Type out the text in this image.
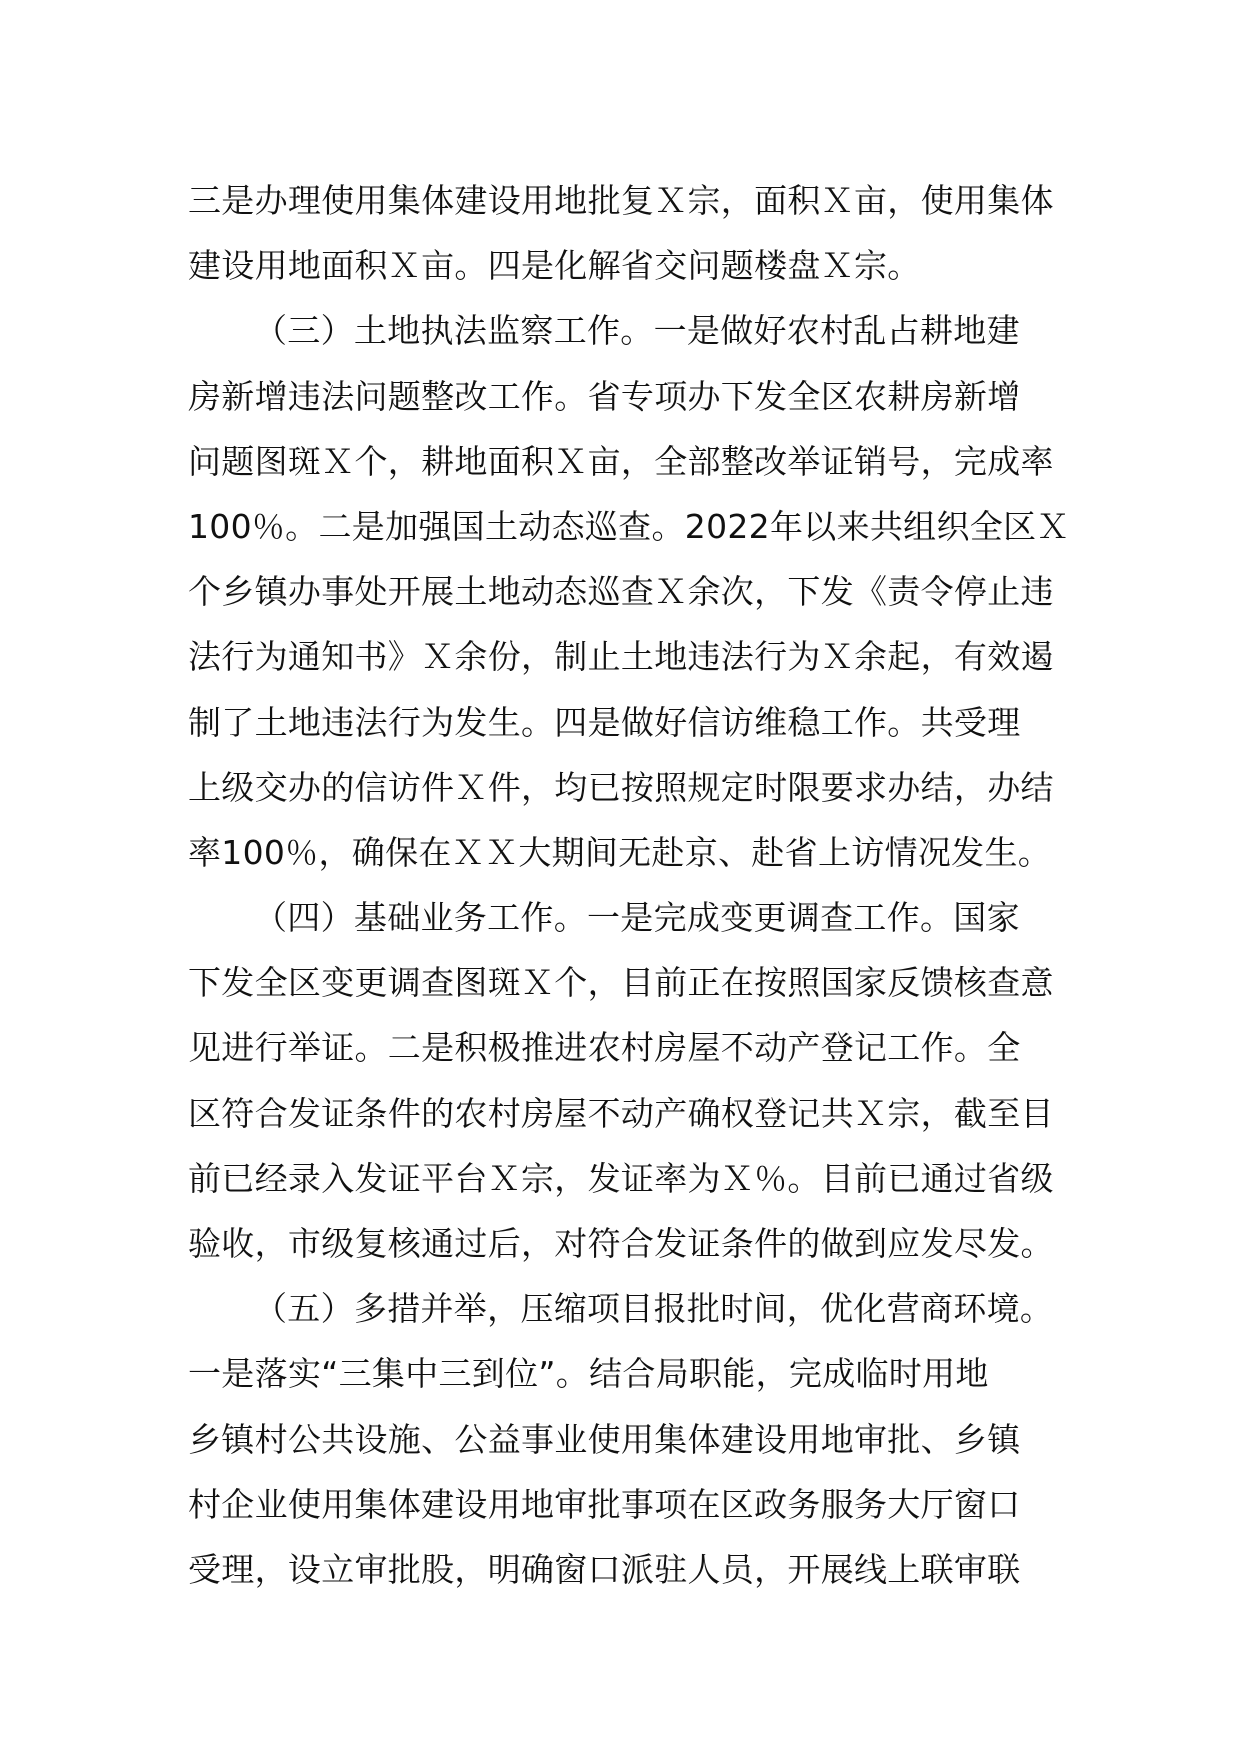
三是办理使用集体建设用地批复Ｘ宗，面积Ｘ亩，使用集体
建设用地面积Ｘ亩。四是化解省交问题楼盘Ｘ宗。
（三）土地执法监察工作。一是做好农村乱占耕地建
房新增违法问题整改工作。省专项办下发全区农耕房新增
问题图斑Ｘ个，耕地面积Ｘ亩，全部整改举证销号，完成率
100％。二是加强国土动态巡查。2022年以来共组织全区Ｘ
个乡镇办事处开展土地动态巡查Ｘ余次，下发《责令停止违
法行为通知书》Ｘ余份，制止土地违法行为Ｘ余起，有效遏
制了土地违法行为发生。四是做好信访维稳工作。共受理
上级交办的信访件Ｘ件，均已按照规定时限要求办结，办结
率100％，确保在ＸＸ大期间无赴京、赴省上访情况发生。
（四）基础业务工作。一是完成变更调查工作。国家
下发全区变更调查图斑Ｘ个，目前正在按照国家反馈核查意
见进行举证。二是积极推进农村房屋不动产登记工作。全
区符合发证条件的农村房屋不动产确权登记共Ｘ宗，截至目
前已经录入发证平台Ｘ宗，发证率为Ｘ％。目前已通过省级
验收，市级复核通过后，对符合发证条件的做到应发尽发。
（五）多措并举，压缩项目报批时间，优化营商环境。
一是落实“三集中三到位”。结合局职能，完成临时用地
乡镇村公共设施、公益事业使用集体建设用地审批、乡镇
村企业使用集体建设用地审批事项在区政务服务大厅窗口
受理，设立审批股，明确窗口派驻人员，开展线上联审联
